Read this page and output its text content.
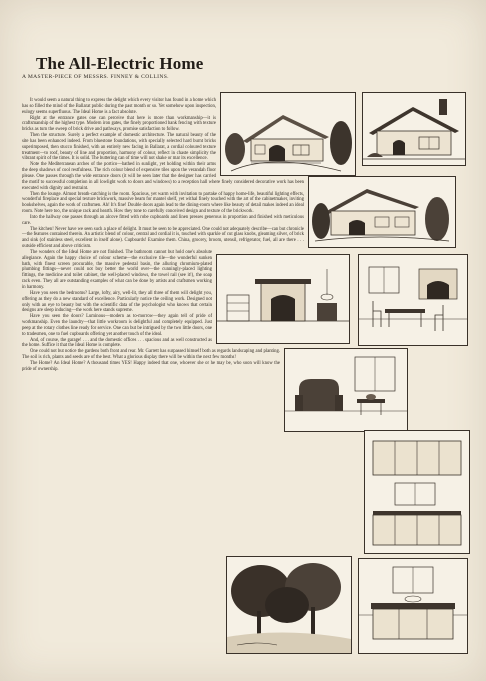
The All-Electric Home
A MASTER-PIECE OF MESSRS. FINNEY & COLLINS.

It would seem a natural thing to express the delight which every visitor has found in a home which has so filled the mind of the Ballarat public during the past month or so. Yet somehow upon inspection, eulogy seems superfluous. The Ideal Home is a fact absolute.

Right at the entrance gates one can perceive that here is more than workmanship—it is craftsmanship of the highest type. Modern iron gates, the finely proportioned bank fencing with texture bricks as turn the sweep of brick drive and pathways, promise satisfaction to follow.

Then the structure. Surely a perfect example of domestic architecture. The natural beauty of the site has been enhanced indeed. From bluestone foundations, with specially selected hard burnt bricks superimposed, then stucco finished, with an entirely new facing in Ballarat, a cordial coloured texture treatment—to roof, beauty of line and proportion, harmony of colour, reflect in chaste simplicity the vibrant spirit of the times. It is solid. The buttering can of time will not shake or mar its excellence.

Note the Mediterranean arches of the portico—bathed in sunlight, yet holding within their arms the deep shadows of cool restfulness. The rich colour blend of expensive tiles upon the verandah floor please. One passes through the wide entrance doors (it will be seen later that the designer has carried the motif to successful completion in all lowlight work to doors and windows) to a reception hall where finely considered decorative work has been executed with dignity and restraint.

Then the lounge. Almost breath-catching is the room. Spacious, yet warm with invitation to partake of happy home-life, beautiful lighting effects, wonderful fireplace and special texture brickwork, massive beam for mantel shelf, yet withal finely touched with the art of the cabinetmaker, inviting bookshelves, again the work of craftsmen. Ah! It's fine! Double doors again lead to the dining-room where like beauty of detail makes indeed an ideal room. Note here too, the unique rack and hearth. How they tone to carefully conceived design and texture of the brickwork.

Into the hallway one passes through an alcove fitted with robe cupboards and linen presses generous in proportion and finished with meticulous care.

The kitchen! Never have we seen such a place of delight. It must be seen to be appreciated. One could not adequately describe—can but chronicle—the features contained therein. An artistic blend of colour, central and cordial it is, touched with sparkle of cut glass knobs, gleaming silver, of brick and sink (of stainless steel, excellent in itself alone). Cupboards! Examine them. China, grocery, broom, utensil, refrigerator, fuel, all are there . . . outside efficient and above criticism.

The wonders of the Ideal Home are not finished. The bathroom cannot but hold one's absolute allegiance. Again the happy choice of colour scheme—the exclusive tile—the wonderful sunken bath, with finest screen procurable, the massive pedestal basin, the alluring chromium-plated plumbing fittings—never could not buy better the world over—the cunningly-placed lighting fittings, the medicine and toilet cabinet, the well-placed windows, the towel rail (see it!), the soap rack even. They all are outstanding examples of what can be done by artists and craftsmen working in harmony.

Have you seen the bedrooms? Large, lofty, airy, well-lit, they all three of them will delight you, offering as they do a new standard of excellence. Particularly notice the ceiling work. Designed not only with an eye to beauty but with the scientific data of the psychologist who knows that certain designs are sleep inducing—the work here stands supreme.

Have you seen the doors? Luminous—modern as to-morrow—they again tell of pride of workmanship. Even the laundry—that little workroom is delightful and completely equipped. Just peep at the rotary clothes line ready for service. One can but be intrigued by the two little doors, one to tradesmen, one to fuel cupboards offering yet another touch of the ideal.

And, of course, the garage! . . . and the domestic offices . . . spacious and as well constructed as the home. Suffice it that the Ideal Home is complete.

One could not but notice the gardens both front and rear. Mr. Garrett has surpassed himself both as regards landscaping and planting. The soil is rich, plants and seeds are of the best. What a glorious display there will be within the next few months!

The Home? An Ideal Home? A thousand times YES! Happy indeed that one, whoever she or he may be, who soon will know the pride of ownership.
